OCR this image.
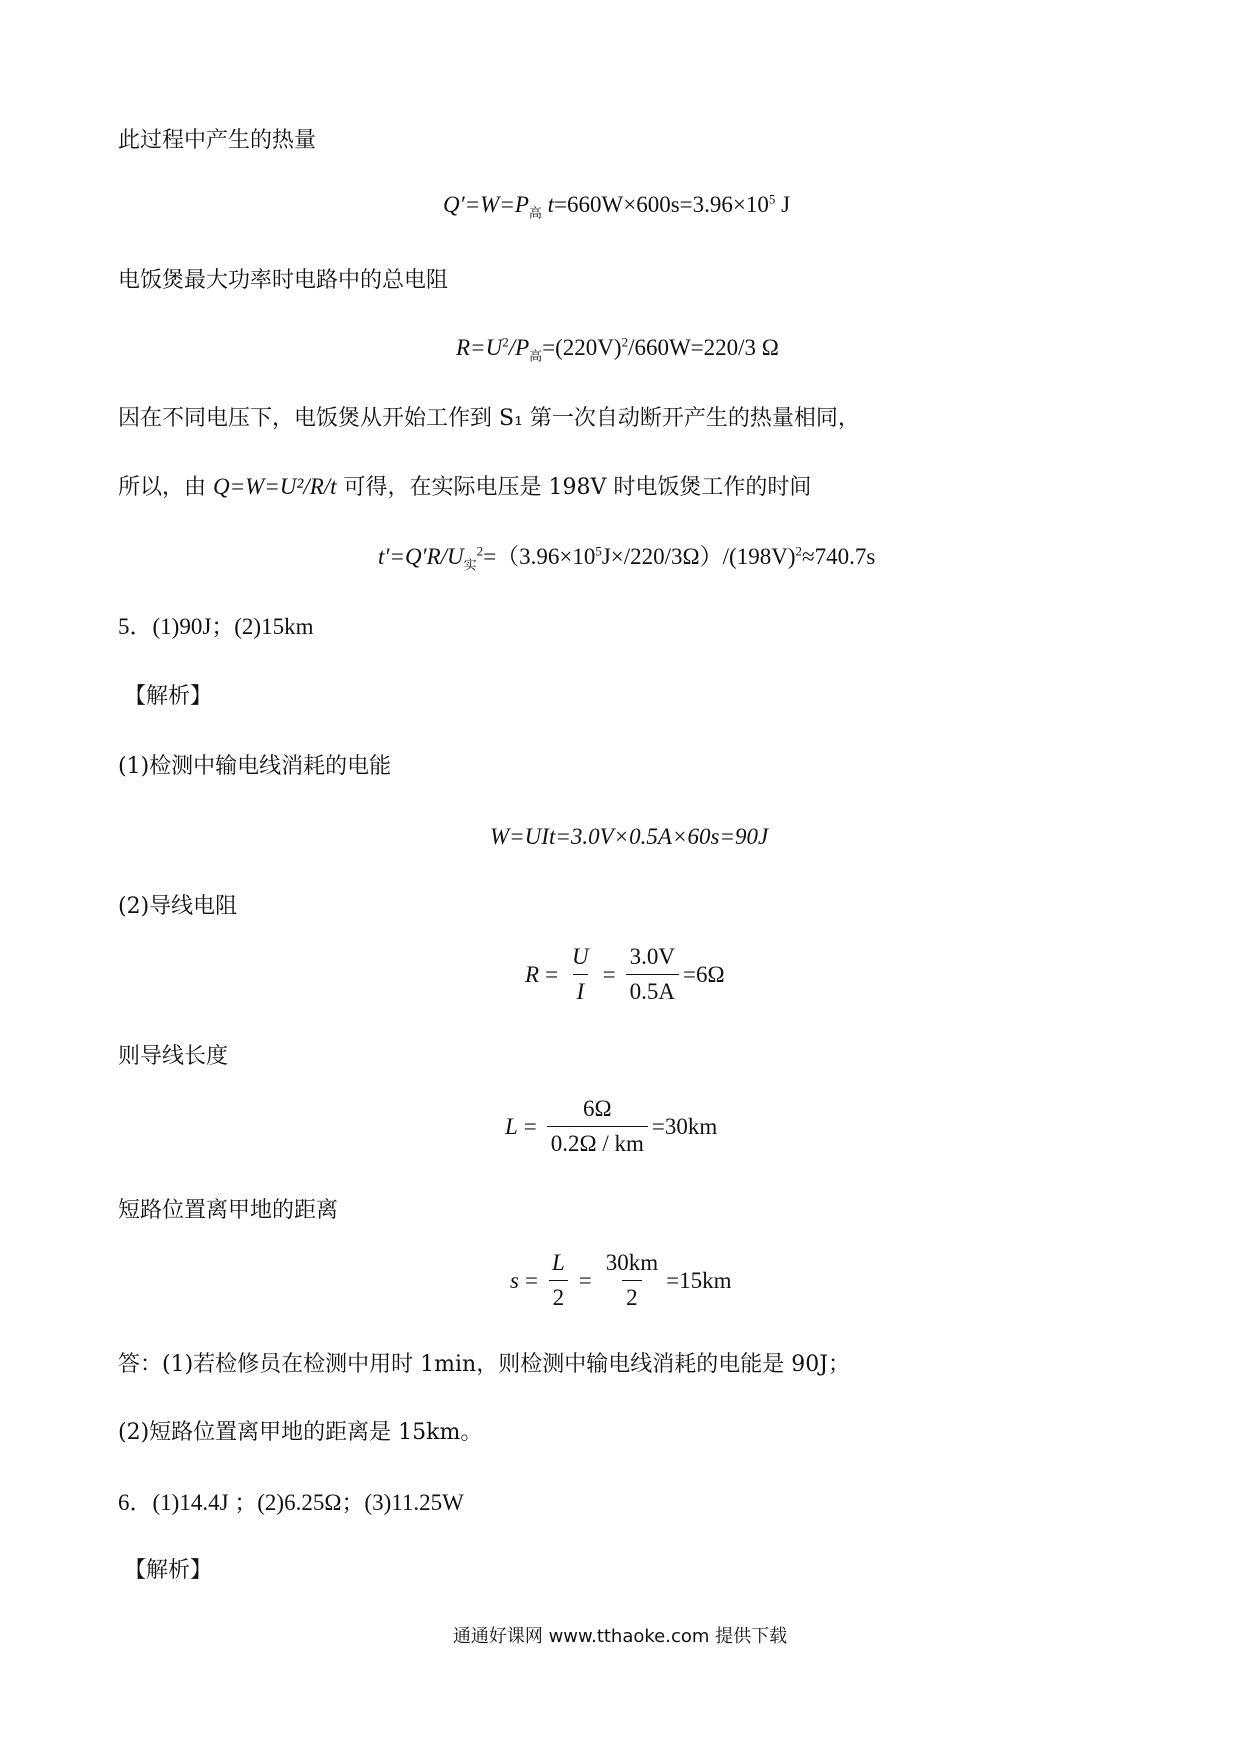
此过程中产生的热量
$Q'=W=P_高$ $t=660W\times 600s=3.96\times 10^5$ J
电饭煲最大功率时电路中的总电阻
$R=U^2/P_高=(220V)^2/660W=220/3$ Ω
因在不同电压下，电饭煲从开始工作到 S₁ 第一次自动断开产生的热量相同，
所以，由 Q=W=U²/R/t 可得，在实际电压是 198V 时电饭煲工作的时间
$t'=Q'R/U_实^2=(3.96\times 10^5J\times/220/3\Omega)/(198V)^2\approx 740.7s$
5．(1)90J；(2)15km
【解析】
(1)检测中输电线消耗的电能
W=UIt=3.0V×0.5A×60s=90J
(2)导线电阻
$R = \frac{U}{I} = \frac{3.0V}{0.5A} =6\Omega$
则导线长度
$L = \frac{6\Omega}{0.2\Omega / km} =30km$
短路位置离甲地的距离
$s = \frac{L}{2} = \frac{30km}{2} =15km$
答：(1)若检修员在检测中用时 1min，则检测中输电线消耗的电能是 90J；
(2)短路位置离甲地的距离是 15km。
6．(1)14.4J ；(2)6.25Ω；(3)11.25W
【解析】
通通好课网 www.tthaoke.com 提供下载
